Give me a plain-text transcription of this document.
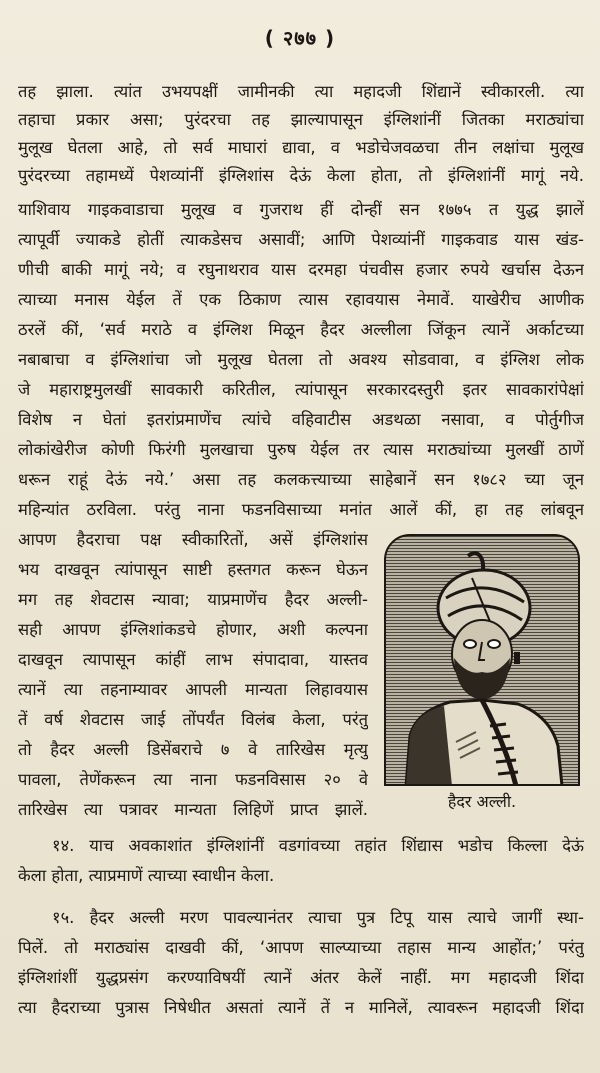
( २७७ )
तह झाला. त्यांत उभयपक्षीं जामीनकी त्या महादजी शिंद्यानें स्वीकारली. त्या
तहाचा प्रकार असा; पुरंदरचा तह झाल्यापासून इंग्लिशांनीं जितका मराठ्यांचा
मुलूख घेतला आहे, तो सर्व माघारां द्यावा, व भडोचेजवळचा तीन लक्षांचा मुलूख
पुरंदरच्या तहामध्यें पेशव्यांनीं इंग्लिशांस देऊं केला होता, तो इंग्लिशांनीं मागूं नये.
याशिवाय गाइकवाडाचा मुलूख व गुजराथ हीं दोन्हीं सन १७७५ त युद्ध झालें
त्यापूर्वी ज्याकडे होतीं त्याकडेसच असावीं; आणि पेशव्यांनीं गाइकवाड यास खंड-
णीची बाकी मागूं नये; व रघुनाथराव यास दरमहा पंचवीस हजार रुपये खर्चास देऊन
त्याच्या मनास येईल तें एक ठिकाण त्यास रहावयास नेमावें. याखेरीच आणीक
ठरलें कीं, ‘सर्व मराठे व इंग्लिश मिळून हैदर अल्लीला जिंकून त्यानें अर्काटच्या
नबाबाचा व इंग्लिशांचा जो मुलूख घेतला तो अवश्य सोडवावा, व इंग्लिश लोक
जे महाराष्ट्रमुलखीं सावकारी करितील, त्यांपासून सरकारदस्तुरी इतर सावकारांपेक्षां
विशेष न घेतां इतरांप्रमाणेंच त्यांचे वहिवाटीस अडथळा नसावा, व पोर्तुगीज
लोकांखेरीज कोणी फिरंगी मुलखाचा पुरुष येईल तर त्यास मराठ्यांच्या मुलखीं ठाणें
धरून राहूं देऊं नये.’ असा तह कलकत्त्याच्या साहेबानें सन १७८२ च्या जून
महिन्यांत ठरविला. परंतु नाना फडनविसाच्या मनांत आलें कीं, हा तह लांबवून
आपण हैदराचा पक्ष स्वीकारितों, असें इंग्लिशांस
भय दाखवून त्यांपासून साष्टी हस्तगत करून घेऊन
मग तह शेवटास न्यावा; याप्रमाणेंच हैदर अल्ली-
सही आपण इंग्लिशांकडचे होणार, अशी कल्पना
दाखवून त्यापासून कांहीं लाभ संपादावा, यास्तव
त्यानें त्या तहनाम्यावर आपली मान्यता लिहावयास
तें वर्ष शेवटास जाई तोंपर्यंत विलंब केला, परंतु
तो हैदर अल्ली डिसेंबराचे ७ वे तारिखेस मृत्यु
पावला, तेणेंकरून त्या नाना फडनविसास २० वे
तारिखेस त्या पत्रावर मान्यता लिहिणें प्राप्त झालें.	हैदर अल्ली.
१४. याच अवकाशांत इंग्लिशांनीं वडगांवच्या तहांत शिंद्यास भडोच किल्ला देऊं
केला होता, त्याप्रमाणें त्याच्या स्वाधीन केला.
१५. हैदर अल्ली मरण पावल्यानंतर त्याचा पुत्र टिपू यास त्याचे जागीं स्था-
पिलें. तो मराठ्यांस दाखवी कीं, ‘आपण साल्प्याच्या तहास मान्य आहोंत;’ परंतु
इंग्लिशांशीं युद्धप्रसंग करण्याविषयीं त्यानें अंतर केलें नाहीं. मग महादजी शिंदा
त्या हैदराच्या पुत्रास निषेधीत असतां त्यानें तें न मानिलें, त्यावरून महादजी शिंदा
